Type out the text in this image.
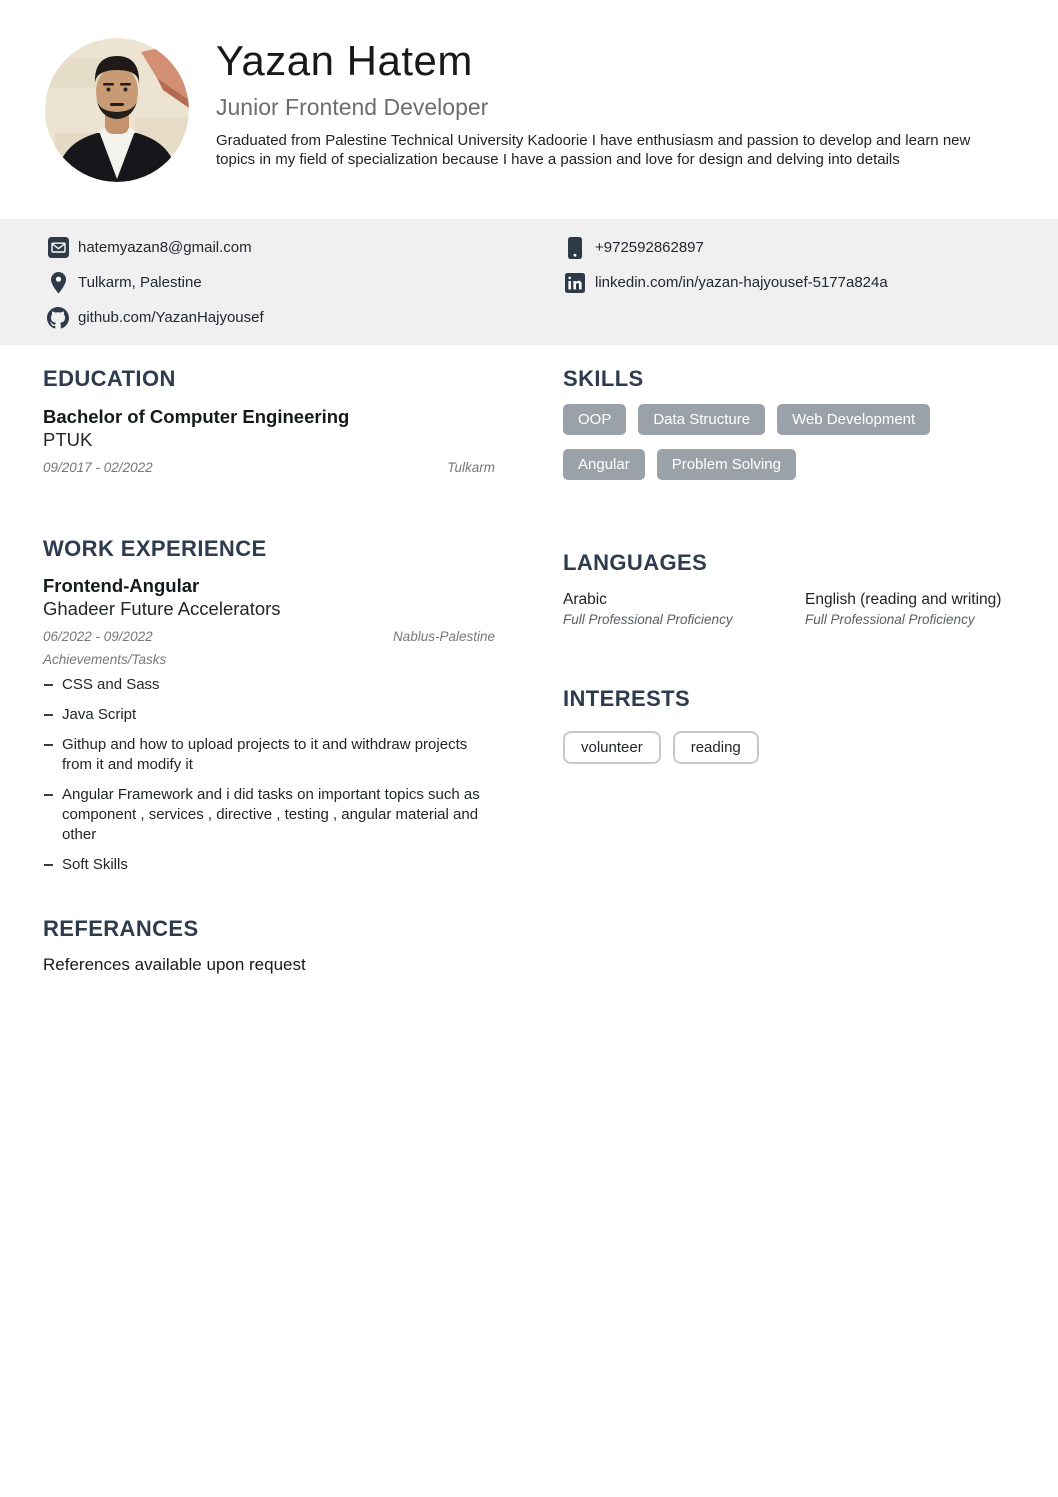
Yazan Hatem
Junior Frontend Developer
Graduated from Palestine Technical University Kadoorie I have enthusiasm and passion to develop and learn new topics in my field of specialization because I have a passion and love for design and delving into details
hatemyazan8@gmail.com
Tulkarm, Palestine
github.com/YazanHajyousef
+972592862897
linkedin.com/in/yazan-hajyousef-5177a824a
EDUCATION
Bachelor of Computer Engineering
PTUK
09/2017 - 02/2022	Tulkarm
WORK EXPERIENCE
Frontend-Angular
Ghadeer Future Accelerators
06/2022 - 09/2022	Nablus-Palestine
Achievements/Tasks
CSS and Sass
Java Script
Githup and how to upload projects to it and withdraw projects from it and modify it
Angular Framework and i did tasks on important topics such as component , services , directive , testing , angular material and other
Soft Skills
REFERANCES
References available upon request
SKILLS
OOP	Data Structure	Web Development
Angular	Problem Solving
LANGUAGES
Arabic
Full Professional Proficiency
English (reading and writing)
Full Professional Proficiency
INTERESTS
volunteer	reading
